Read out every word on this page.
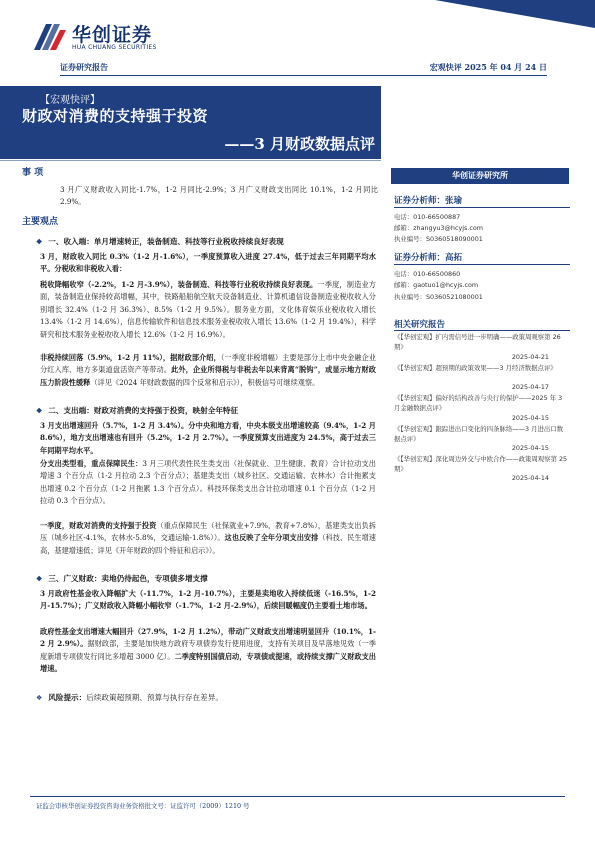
华创证券
HUA CHUANG SECURITIES
证券研究报告	宏观快评 2025 年 04 月 24 日
【宏观快评】
财政对消费的支持强于投资
——3 月财政数据点评
事 项
3 月广义财政收入同比-1.7%，1-2 月同比-2.9%；3 月广义财政支出同比 10.1%，1-2 月同比 2.9%。
主要观点
❖ 一、收入端：单月增速转正，装备制造、科技等行业税收持续良好表现
3 月，财政收入同比 0.3%（1-2 月-1.6%），一季度预算收入进度 27.4%，低于过去三年同期平均水平。分税收和非税收入看：
税收降幅收窄（-2.2%，1-2 月-3.9%），装备制造、科技等行业税收持续良好表现。一季度，制造业方面，装备制造业保持较高增幅，其中，铁路船舶航空航天设备制造业、计算机通信设备制造业税收收入分别增长 32.4%（1-2 月 36.3%）、8.5%（1-2 月 9.5%）。服务业方面，文化体育娱乐业税收收入增长 13.4%（1-2 月 14.6%），信息传输软件和信息技术服务业税收收入增长 13.6%（1-2 月 19.4%），科学研究和技术服务业税收收入增长 12.6%（1-2 月 16.9%）。
非税持续回落（5.9%，1-2 月 11%），据财政部介绍，（一季度非税增幅）主要是部分上市中央金融企业分红入库、地方多渠道盘活资产等带动。此外，企业所得税与非税去年以来背离“脱钩”，或显示地方财政压力阶段性缓释（详见《2024 年财政数据的四个反常和启示》），积极信号可继续观察。
❖ 二、支出端：财政对消费的支持强于投资，映射全年特征
3 月支出增速回升（5.7%，1-2 月 3.4%）。分中央和地方看，中央本级支出增速较高（9.4%，1-2 月 8.6%），地方支出增速也有回升（5.2%，1-2 月 2.7%）。一季度预算支出进度为 24.5%，高于过去三年同期平均水平。
分支出类型看，重点保障民生：3 月三项代表性民生类支出（社保就业、卫生健康、教育）合计拉动支出增速 3 个百分点（1-2 月拉动 2.3 个百分点）；基建类支出（城乡社区、交通运输、农林水）合计拖累支出增速 0.2 个百分点（1-2 月拖累 1.3 个百分点）。科技环保类支出合计拉动增速 0.1 个百分点（1-2 月拉动 0.3 个百分点）。
一季度，财政对消费的支持强于投资（重点保障民生（社保就业+7.9%，教育+7.8%），基建类支出负拆压（城乡社区-4.1%，农林水-5.8%，交通运输-1.8%））。这也反映了全年分项支出安排（科技、民生增速高，基建增速低；详见《开年财政的四个特征和启示》）。
❖ 三、广义财政：卖地仍待起色，专项债多增支撑
3 月政府性基金收入降幅扩大（-11.7%，1-2 月-10.7%），主要是卖地收入持续低迷（-16.5%，1-2 月-15.7%）；广义财政收入降幅小幅收窄（-1.7%，1-2 月-2.9%），后续回暖幅度仍主要看土地市场。
政府性基金支出增速大幅回升（27.9%，1-2 月 1.2%），带动广义财政支出增速明显回升（10.1%，1-2 月 2.9%）。据财政部，主要是加快地方政府专项债券发行使用进度，支持有关项目及早落地见效（一季度新增专项债发行同比多增超 3000 亿）。二季度特别国债启动，专项债或提速，或持续支撑广义财政支出增速。
❖ 风险提示：后续政策超预期、预算与执行存在差异。
华创证券研究所
证券分析师：张瑜
电话：010-66500887
邮箱：zhangyu3@hcyjs.com
执业编号：S0360518090001
证券分析师：高拓
电话：010-66500860
邮箱：gaotuo1@hcyjs.com
执业编号：S0360521080001
相关研究报告
《【华创宏观】扩内需信号进一步明确——政策周观察第 26 期》
2025-04-21
《【华创宏观】超预期的政策效果——3 月经济数据点评》
2025-04-17
《【华创宏观】偏好的结构改善与央行的保护——2025 年 3 月金融数据点评》
2025-04-15
《【华创宏观】跟踪进出口变化的四条脉络——3 月进出口数据点评》
2025-04-15
《【华创宏观】深化周边外交与中欧合作——政策周观察第 25 期》
2025-04-14
证监会审核华创证券投资咨询业务资格批文号：证监许可（2009）1210 号
